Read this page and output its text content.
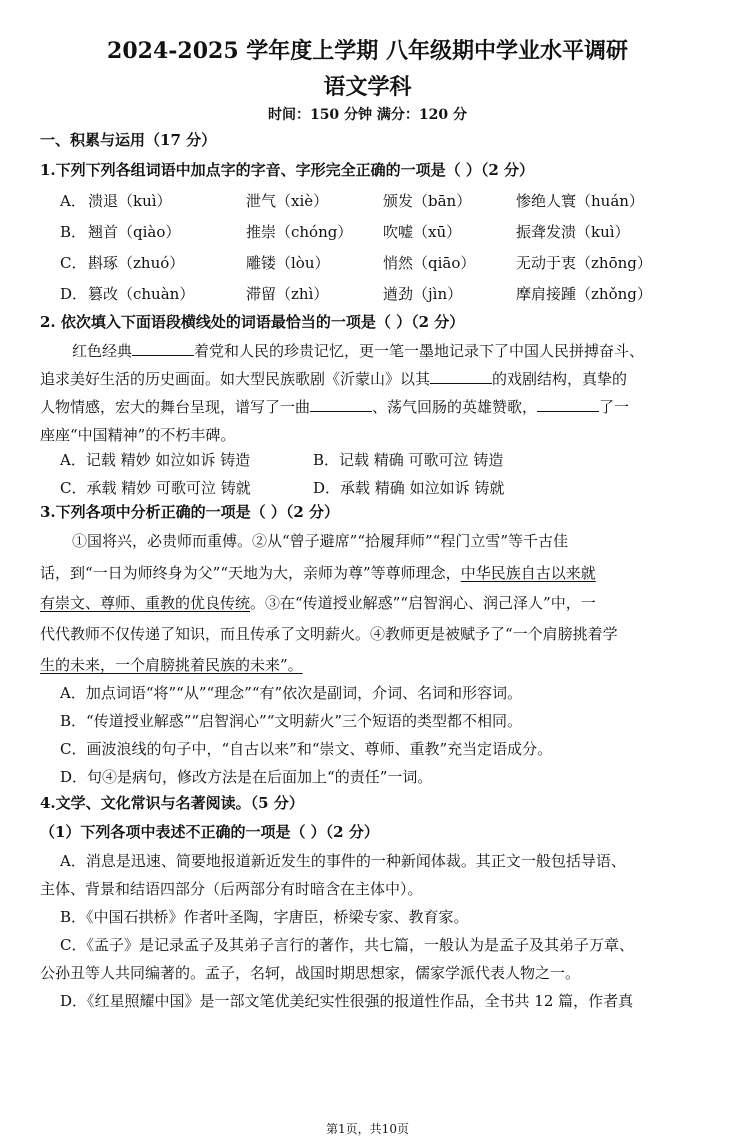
2024-2025 学年度上学期 八年级期中学业水平调研
语文学科
时间：150 分钟 满分：120 分
一、积累与运用（17 分）
1.下列下列各组词语中加点字的字音、字形完全正确的一项是（ ）（2 分）
A． 溃退（kuì）	泄气（xiè）	颁发（bān）	惨绝人寰（huán）
B． 翘首（qiào）	推崇（chóng） 吹嘘（xū）	振聋发溃（kuì）
C． 斟琢（zhuó）	雕镂（lòu）	悄然（qiāo）	无动于衷（zhōng）
D． 篡改（chuàn）	滞留（zhì）	遒劲（jìn）	摩肩接踵（zhǒng）
2. 依次填入下面语段横线处的词语最恰当的一项是（ ）（2 分）
红色经典	着党和人民的珍贵记忆，更一笔一墨地记录下了中国人民拼搏奋斗、
追求美好生活的历史画面。如大型民族歌剧《沂蒙山》以其	的戏剧结构，真挚的
人物情感，宏大的舞台呈现，谱写了一曲	、荡气回肠的英雄赞歌，	了一
座座“中国精神”的不朽丰碑。
A．记载 精妙 如泣如诉 铸造	B．记载 精确 可歌可泣 铸造
C．承载 精妙 可歌可泣 铸就	D．承载 精确 如泣如诉 铸就
3.下列各项中分析正确的一项是（ ）（2 分）
①国将兴，必贵师而重傅。②从“曾子避席”“拾履拜师”“程门立雪”等千古佳
话，到“一日为师终身为父”“天地为大，亲师为尊”等尊师理念，中华民族自古以来就
有崇文、尊师、重教的优良传统。③在“传道授业解惑”“启智润心、润己泽人”中，一
代代教师不仅传递了知识，而且传承了文明薪火。④教师更是被赋予了“一个肩膀挑着学
生的未来，一个肩膀挑着民族的未来”。
A．加点词语“将”“从”“理念”“有”依次是副词，介词、名词和形容词。
B．“传道授业解惑”“启智润心”“文明薪火”三个短语的类型都不相同。
C．画波浪线的句子中，“自古以来”和“崇文、尊师、重教”充当定语成分。
D．句④是病句，修改方法是在后面加上“的责任”一词。
4.文学、文化常识与名著阅读。（5 分）
（1）下列各项中表述不正确的一项是（ ）（2 分）
A．消息是迅速、简要地报道新近发生的事件的一种新闻体裁。其正文一般包括导语、
主体、背景和结语四部分（后两部分有时暗含在主体中）。
B．《中国石拱桥》作者叶圣陶，字唐臣，桥梁专家、教育家。
C．《孟子》是记录孟子及其弟子言行的著作，共七篇，一般认为是孟子及其弟子万章、
公孙丑等人共同编著的。孟子，名轲，战国时期思想家，儒家学派代表人物之一。
D．《红星照耀中国》是一部文笔优美纪实性很强的报道性作品，全书共 12 篇，作者真
第1页，共10页
